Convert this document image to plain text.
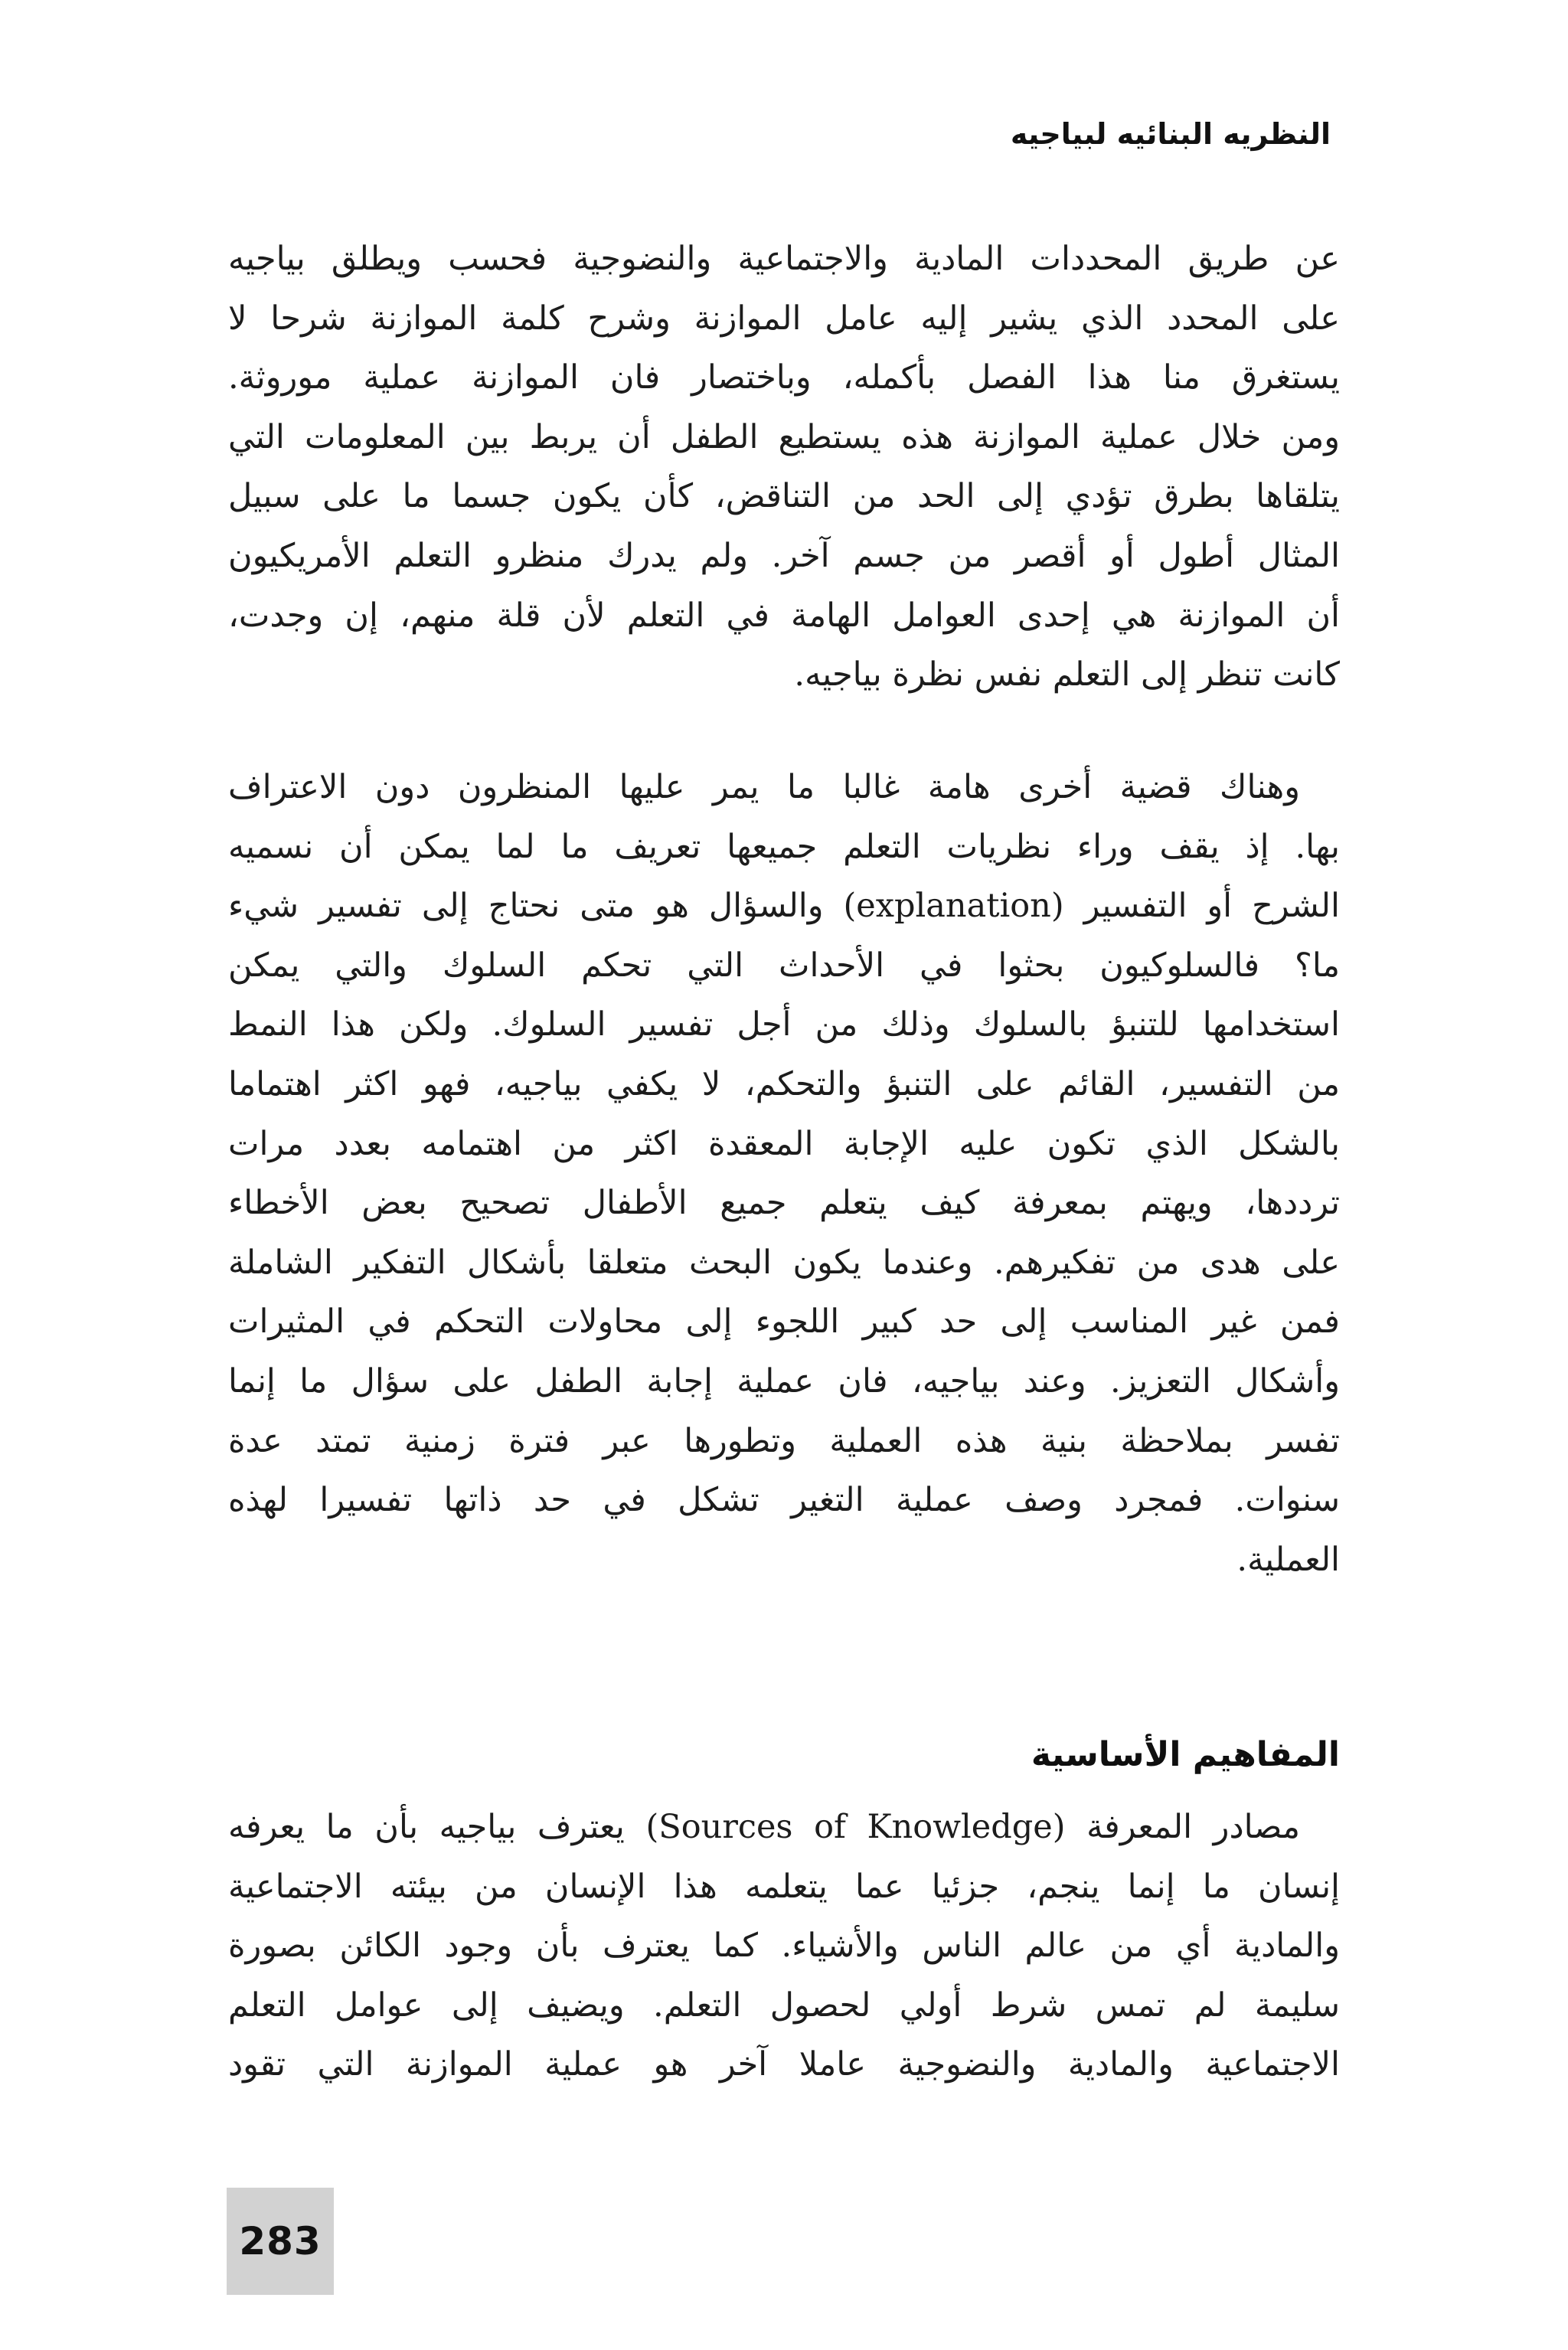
النظريه البنائيه لبياجيه
عن طريق المحددات المادية والاجتماعية والنضوجية فحسب ويطلق بياجيه
على المحدد الذي يشير إليه عامل الموازنة وشرح كلمة الموازنة شرحا لا
يستغرق منا هذا الفصل بأكمله، وباختصار فان الموازنة عملية موروثة.
ومن خلال عملية الموازنة هذه يستطيع الطفل أن يربط بين المعلومات التي
يتلقاها بطرق تؤدي إلى الحد من التناقض، كأن يكون جسما ما على سبيل
المثال أطول أو أقصر من جسم آخر. ولم يدرك منظرو التعلم الأمريكيون
أن الموازنة هي إحدى العوامل الهامة في التعلم لأن قلة منهم، إن وجدت،
كانت تنظر إلى التعلم نفس نظرة بياجيه.
وهناك قضية أخرى هامة غالبا ما يمر عليها المنظرون دون الاعتراف
بها. إذ يقف وراء نظريات التعلم جميعها تعريف ما لما يمكن أن نسميه
الشرح أو التفسير (explanation) والسؤال هو متى نحتاج إلى تفسير شيء
ما؟ فالسلوكيون بحثوا في الأحداث التي تحكم السلوك والتي يمكن
استخدامها للتنبؤ بالسلوك وذلك من أجل تفسير السلوك. ولكن هذا النمط
من التفسير، القائم على التنبؤ والتحكم، لا يكفي بياجيه، فهو اكثر اهتماما
بالشكل الذي تكون عليه الإجابة المعقدة اكثر من اهتمامه بعدد مرات
ترددها، ويهتم بمعرفة كيف يتعلم جميع الأطفال تصحيح بعض الأخطاء
على هدى من تفكيرهم. وعندما يكون البحث متعلقا بأشكال التفكير الشاملة
فمن غير المناسب إلى حد كبير اللجوء إلى محاولات التحكم في المثيرات
وأشكال التعزيز. وعند بياجيه، فان عملية إجابة الطفل على سؤال ما إنما
تفسر بملاحظة بنية هذه العملية وتطورها عبر فترة زمنية تمتد عدة
سنوات. فمجرد وصف عملية التغير تشكل في حد ذاتها تفسيرا لهذه
العملية.
المفاهيم الأساسية
مصادر المعرفة (Sources of Knowledge) يعترف بياجيه بأن ما يعرفه
إنسان ما إنما ينجم، جزئيا عما يتعلمه هذا الإنسان من بيئته الاجتماعية
والمادية أي من عالم الناس والأشياء. كما يعترف بأن وجود الكائن بصورة
سليمة لم تمس شرط أولي لحصول التعلم. ويضيف إلى عوامل التعلم
الاجتماعية والمادية والنضوجية عاملا آخر هو عملية الموازنة التي تقود
283
